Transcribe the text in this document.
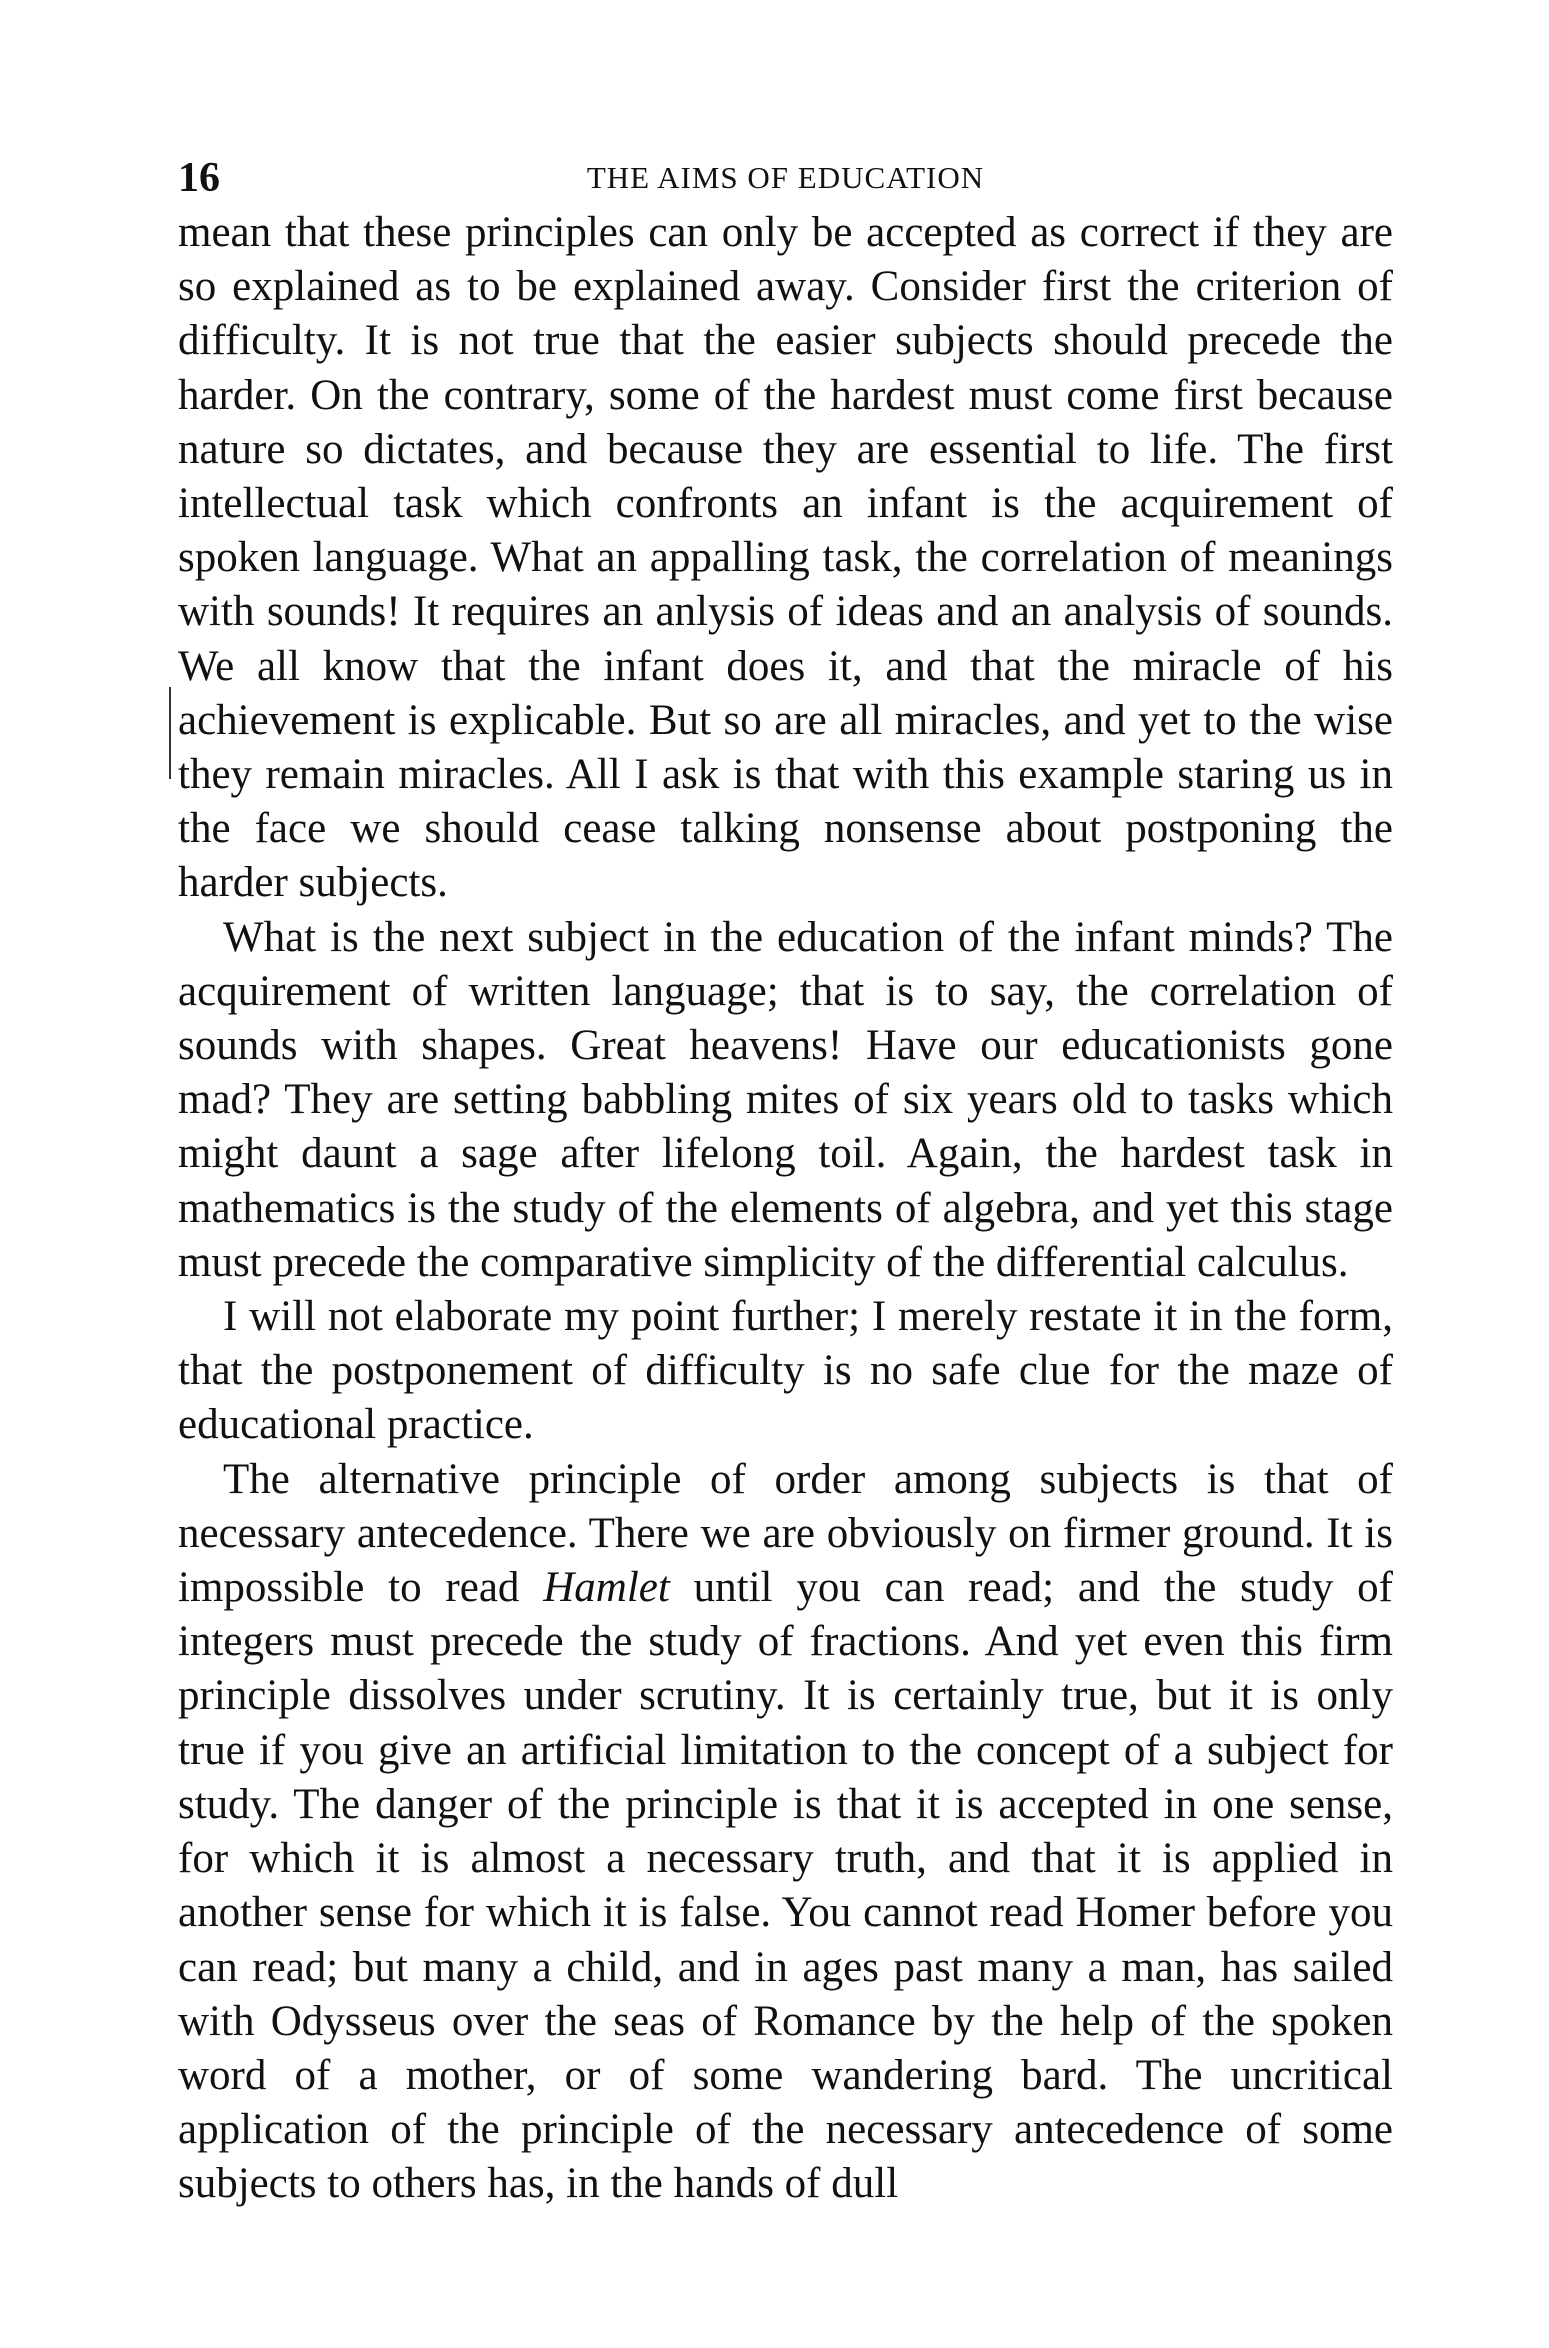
16	THE AIMS OF EDUCATION

mean that these principles can only be accepted as correct if they are so explained as to be explained away. Consider first the criterion of difficulty. It is not true that the easier subjects should precede the harder. On the contrary, some of the hardest must come first because nature so dictates, and because they are essential to life. The first intellectual task which confronts an infant is the acquirement of spoken language. What an appalling task, the correlation of meanings with sounds! It requires an anlysis of ideas and an analysis of sounds. We all know that the infant does it, and that the miracle of his achievement is explicable. But so are all miracles, and yet to the wise they remain miracles. All I ask is that with this example staring us in the face we should cease talking nonsense about postponing the harder subjects.

What is the next subject in the education of the infant minds? The acquirement of written language; that is to say, the correlation of sounds with shapes. Great heavens! Have our educationists gone mad? They are setting babbling mites of six years old to tasks which might daunt a sage after lifelong toil. Again, the hardest task in mathematics is the study of the elements of algebra, and yet this stage must precede the comparative simplicity of the differential calculus.

I will not elaborate my point further; I merely restate it in the form, that the postponement of difficulty is no safe clue for the maze of educational practice.

The alternative principle of order among subjects is that of necessary antecedence. There we are obviously on firmer ground. It is impossible to read Hamlet until you can read; and the study of integers must precede the study of fractions. And yet even this firm principle dissolves under scrutiny. It is certainly true, but it is only true if you give an artificial limitation to the concept of a subject for study. The danger of the principle is that it is accepted in one sense, for which it is almost a necessary truth, and that it is applied in another sense for which it is false. You cannot read Homer before you can read; but many a child, and in ages past many a man, has sailed with Odysseus over the seas of Romance by the help of the spoken word of a mother, or of some wandering bard. The uncritical application of the principle of the necessary antecedence of some subjects to others has, in the hands of dull
